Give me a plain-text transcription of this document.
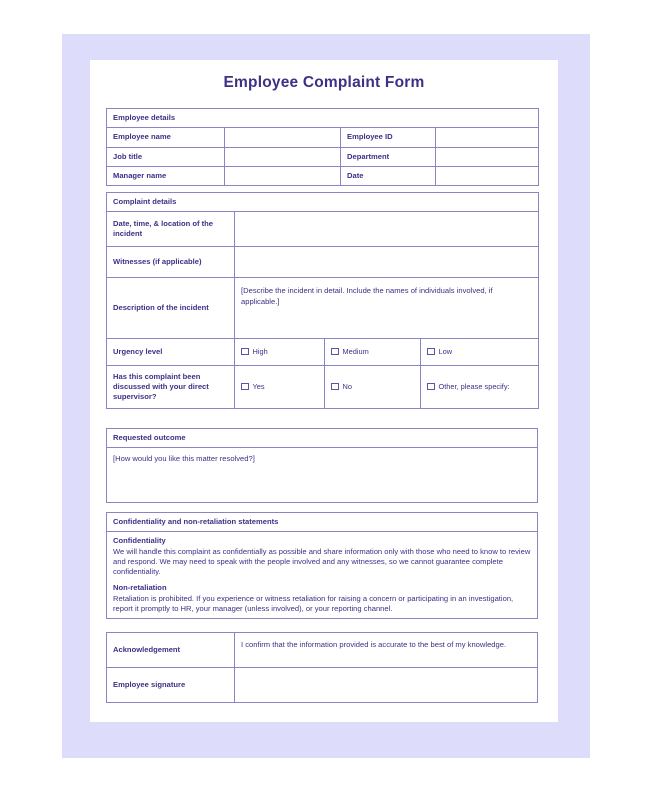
Employee Complaint Form
Employee details			
Employee name		Employee ID	
Job title		Department	
Manager name		Date	
Complaint details			
Date, time, & location of the incident			
Witnesses (if applicable)			
Description of the incident	[Describe the incident in detail. Include the names of individuals involved, if applicable.]		
Urgency level	High	Medium	Low
Has this complaint been discussed with your direct supervisor?	Yes	No	Other, please specify:
Requested outcome
[How would you like this matter resolved?]
Confidentiality and non-retaliation statements

Confidentiality
We will handle this complaint as confidentially as possible and share information only with those who need to know to review and respond. We may need to speak with the people involved and any witnesses, so we cannot guarantee complete confidentiality.

Non-retaliation
Retaliation is prohibited. If you experience or witness retaliation for raising a concern or participating in an investigation, report it promptly to HR, your manager (unless involved), or your reporting channel.

Acknowledgement	I confirm that the information provided is accurate to the best of my knowledge.
Employee signature	
